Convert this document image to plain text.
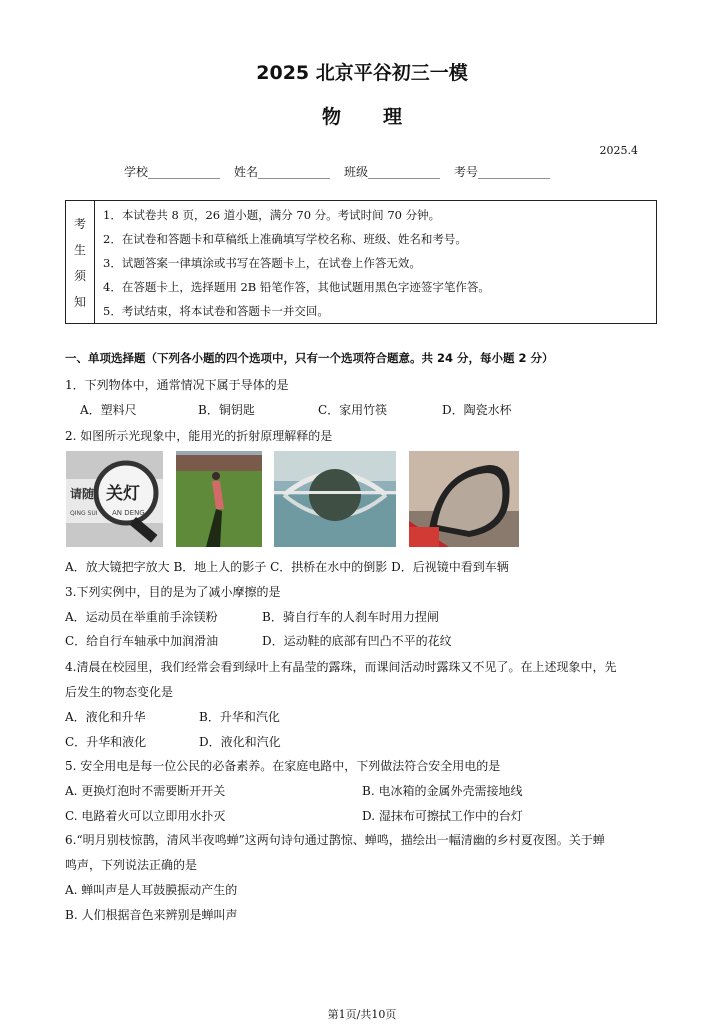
2025 北京平谷初三一模
物理
2025.4
学校____________ 姓名____________ 班级____________ 考号____________
考
生
须
知
1．本试卷共 8 页，26 道小题，满分 70 分。考试时间 70 分钟。
2．在试卷和答题卡和草稿纸上准确填写学校名称、班级、姓名和考号。
3．试题答案一律填涂或书写在答题卡上，在试卷上作答无效。
4．在答题卡上，选择题用 2B 铅笔作答，其他试题用黑色字迹签字笔作答。
5．考试结束，将本试卷和答题卡一并交回。
一、单项选择题（下列各小题的四个选项中，只有一个选项符合题意。共 24 分，每小题 2 分）
1．下列物体中，通常情况下属于导体的是
A．塑料尺	B．铜钥匙	C．家用竹筷	D．陶瓷水杯
2. 如图所示光现象中，能用光的折射原理解释的是
请随 关灯
QING SUI AN DENG
A．放大镜把字放大 B．地上人的影子 C．拱桥在水中的倒影 D．后视镜中看到车辆
3.下列实例中，目的是为了减小摩擦的是
A．运动员在举重前手涂镁粉	B．骑自行车的人刹车时用力捏闸
C．给自行车轴承中加润滑油	D．运动鞋的底部有凹凸不平的花纹
4.清晨在校园里，我们经常会看到绿叶上有晶莹的露珠，而课间活动时露珠又不见了。在上述现象中，先
后发生的物态变化是
A．液化和升华	B．升华和汽化
C．升华和液化	D．液化和汽化
5. 安全用电是每一位公民的必备素养。在家庭电路中，下列做法符合安全用电的是
A. 更换灯泡时不需要断开开关	B. 电冰箱的金属外壳需接地线
C. 电路着火可以立即用水扑灭	D. 湿抹布可擦拭工作中的台灯
6.“明月别枝惊鹊，清风半夜鸣蝉”这两句诗句通过鹊惊、蝉鸣，描绘出一幅清幽的乡村夏夜图。关于蝉
鸣声，下列说法正确的是
A. 蝉叫声是人耳鼓膜振动产生的
B. 人们根据音色来辨别是蝉叫声
第1页/共10页
